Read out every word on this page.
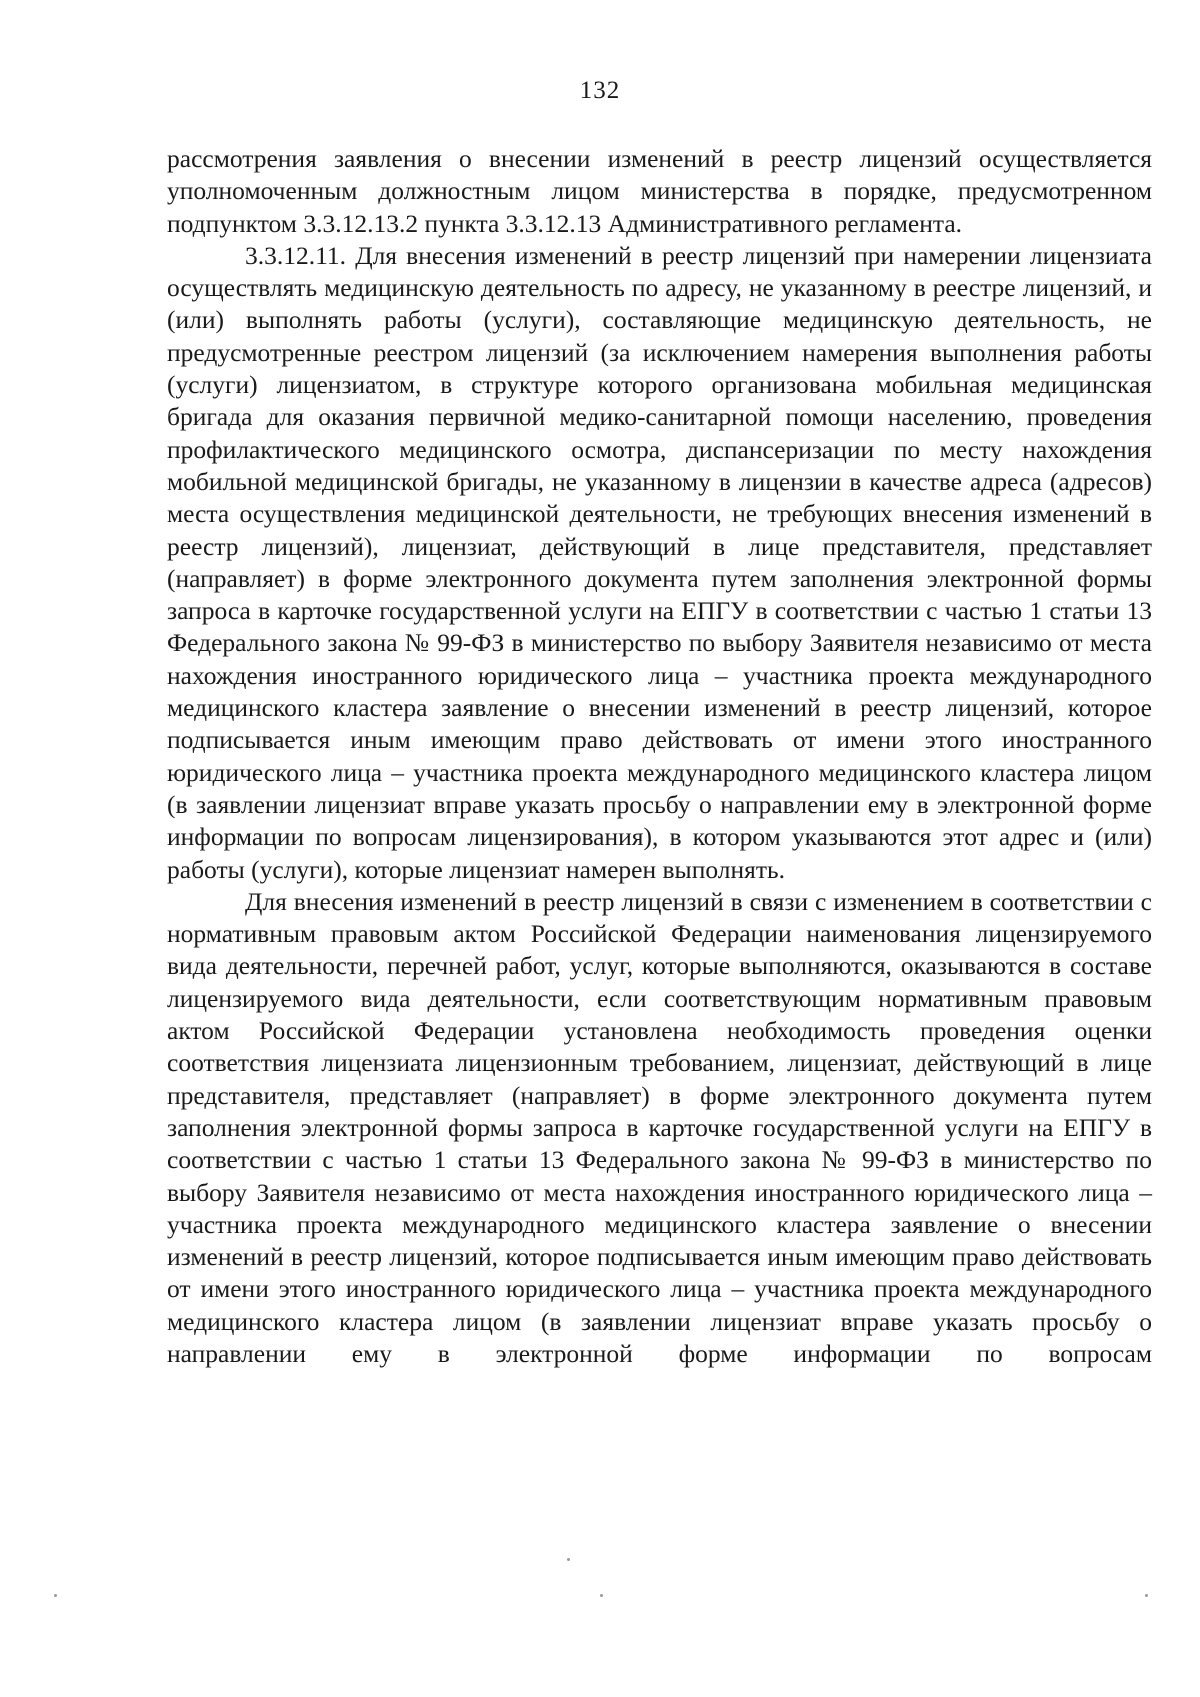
132

рассмотрения заявления о внесении изменений в реестр лицензий осуществляется уполномоченным должностным лицом министерства в порядке, предусмотренном подпунктом 3.3.12.13.2 пункта 3.3.12.13 Административного регламента.

3.3.12.11. Для внесения изменений в реестр лицензий при намерении лицензиата осуществлять медицинскую деятельность по адресу, не указанному в реестре лицензий, и (или) выполнять работы (услуги), составляющие медицинскую деятельность, не предусмотренные реестром лицензий (за исключением намерения выполнения работы (услуги) лицензиатом, в структуре которого организована мобильная медицинская бригада для оказания первичной медико-санитарной помощи населению, проведения профилактического медицинского осмотра, диспансеризации по месту нахождения мобильной медицинской бригады, не указанному в лицензии в качестве адреса (адресов) места осуществления медицинской деятельности, не требующих внесения изменений в реестр лицензий), лицензиат, действующий в лице представителя, представляет (направляет) в форме электронного документа путем заполнения электронной формы запроса в карточке государственной услуги на ЕПГУ в соответствии с частью 1 статьи 13 Федерального закона № 99-ФЗ в министерство по выбору Заявителя независимо от места нахождения иностранного юридического лица – участника проекта международного медицинского кластера заявление о внесении изменений в реестр лицензий, которое подписывается иным имеющим право действовать от имени этого иностранного юридического лица – участника проекта международного медицинского кластера лицом (в заявлении лицензиат вправе указать просьбу о направлении ему в электронной форме информации по вопросам лицензирования), в котором указываются этот адрес и (или) работы (услуги), которые лицензиат намерен выполнять.

Для внесения изменений в реестр лицензий в связи с изменением в соответствии с нормативным правовым актом Российской Федерации наименования лицензируемого вида деятельности, перечней работ, услуг, которые выполняются, оказываются в составе лицензируемого вида деятельности, если соответствующим нормативным правовым актом Российской Федерации установлена необходимость проведения оценки соответствия лицензиата лицензионным требованием, лицензиат, действующий в лице представителя, представляет (направляет) в форме электронного документа путем заполнения электронной формы запроса в карточке государственной услуги на ЕПГУ в соответствии с частью 1 статьи 13 Федерального закона № 99-ФЗ в министерство по выбору Заявителя независимо от места нахождения иностранного юридического лица – участника проекта международного медицинского кластера заявление о внесении изменений в реестр лицензий, которое подписывается иным имеющим право действовать от имени этого иностранного юридического лица – участника проекта международного медицинского кластера лицом (в заявлении лицензиат вправе указать просьбу о направлении ему в электронной форме информации по вопросам
